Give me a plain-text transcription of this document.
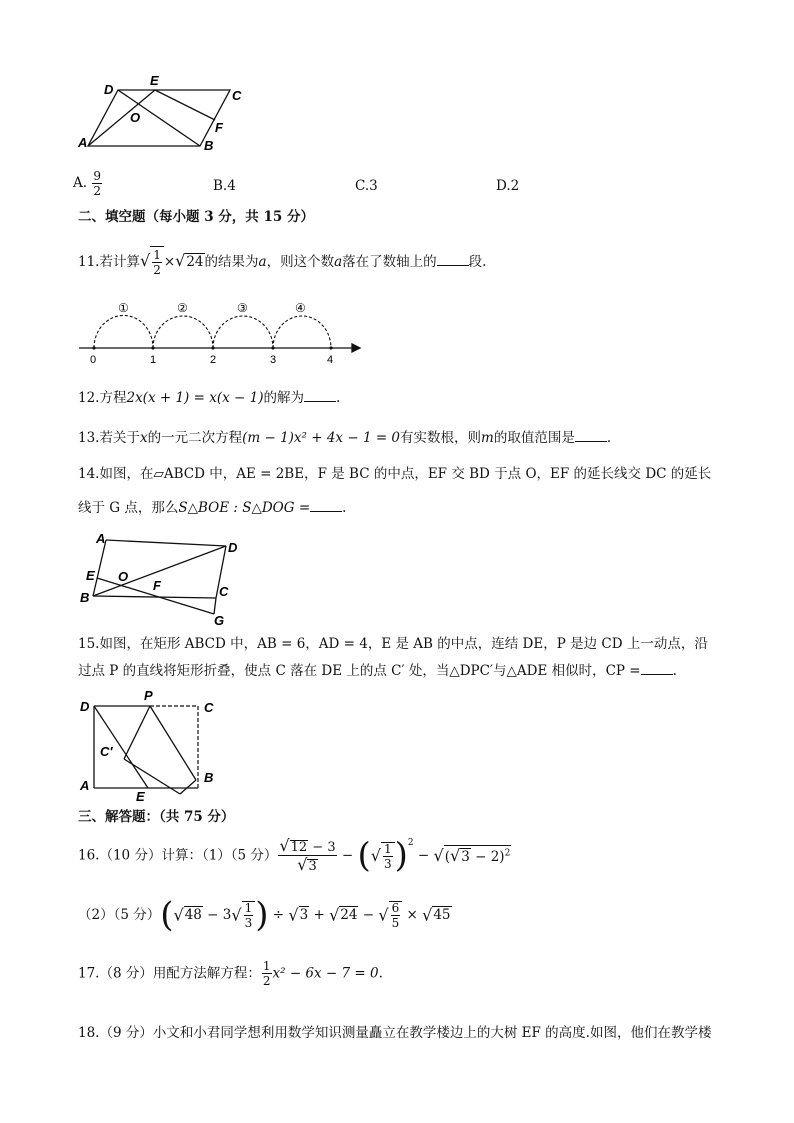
D
E
C
O
F
A	B
A. $\frac{9}{2}$	B.4	C.3	D.2
二、填空题（每小题 3 分，共 15 分）
11.若计算√ $\frac{1}{2} \times√24$的结果为a，则这个数a落在了数轴上的 段.
0	1	2	3	4
①	②	③	④
12.方程2x(x + 1) = x(x − 1)的解为 .
13.若关于x的一元二次方程(m − 1)x² + 4x − 1 = 0有实数根，则m的取值范围是 .
14.如图，在▱ABCD 中，AE = 2BE，F 是 BC 的中点，EF 交 BD 于点 O，EF 的延长线交 DC 的延长
线于 G 点，那么S△BOE : S△DOG = .
A
D
E O
F	C
B
G
15.如图，在矩形 ABCD 中，AB = 6，AD = 4，E 是 AB 的中点，连结 DE，P 是边 CD 上一动点，沿
过点 P 的直线将矩形折叠，使点 C 落在 DE 上的点 C′ 处，当△DPC′与△ADE 相似时，CP = .
D
P
C
C′
A
E
B
三、解答题：（共 75 分）
16.（10 分）计算：（1）（5 分） $\frac{√12 - 3}{√3}$ − (√ $\frac{1}{3} )^2 - √(√3 - 2)^2$
（2）（5 分）($√48 - 3√ \frac{1}{3}$ ) ÷ √3 + √24 − √ $\frac{6}{5} \times √45$
17.（8 分）用配方法解方程： $\frac{1}{2} x^2 - 6x - 7 = 0$.
18.（9 分）小文和小君同学想利用数学知识测量矗立在教学楼边上的大树 EF 的高度.如图，他们在教学楼
